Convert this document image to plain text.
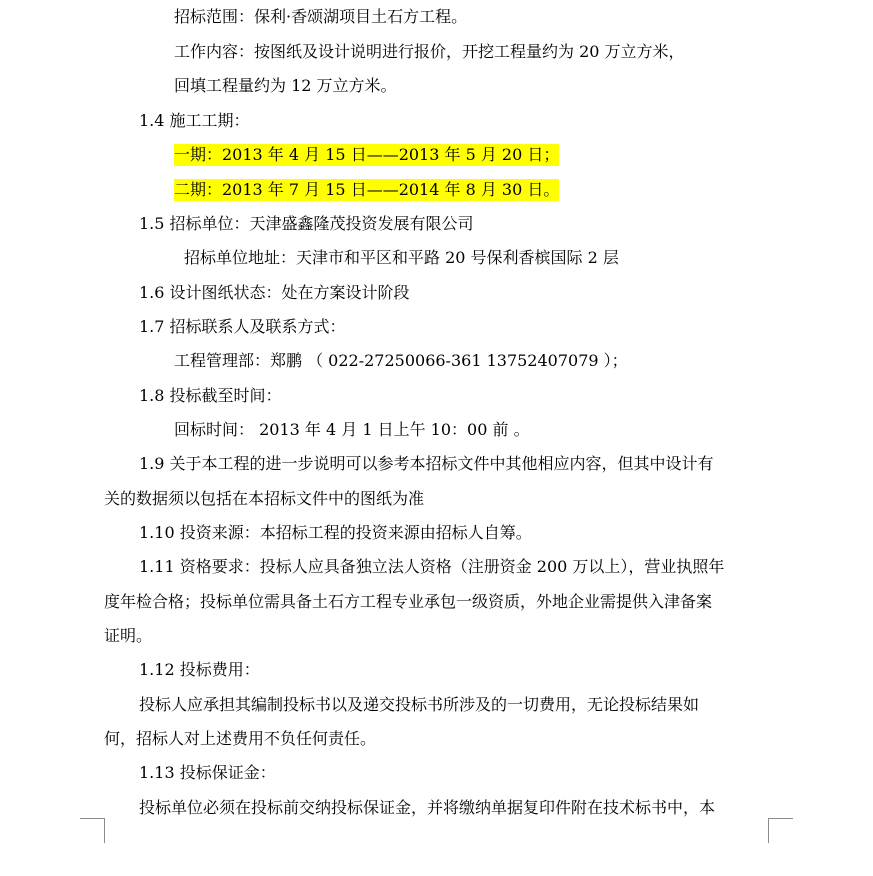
招标范围：保利·香颂湖项目土石方工程。
工作内容：按图纸及设计说明进行报价，开挖工程量约为 20 万立方米，
回填工程量约为 12 万立方米。
1.4 施工工期：
一期：2013 年 4 月 15 日——2013 年 5 月 20 日；
二期：2013 年 7 月 15 日——2014 年 8 月 30 日。
1.5 招标单位：天津盛鑫隆茂投资发展有限公司
招标单位地址：天津市和平区和平路 20 号保利香槟国际 2 层
1.6 设计图纸状态：处在方案设计阶段
1.7 招标联系人及联系方式：
工程管理部：郑鹏 （ 022-27250066-361 13752407079 ）；
1.8 投标截至时间：
回标时间： 2013 年 4 月 1 日上午 10：00 前 。
1.9 关于本工程的进一步说明可以参考本招标文件中其他相应内容，但其中设计有
关的数据须以包括在本招标文件中的图纸为准
1.10 投资来源：本招标工程的投资来源由招标人自筹。
1.11 资格要求：投标人应具备独立法人资格（注册资金 200 万以上），营业执照年
度年检合格；投标单位需具备土石方工程专业承包一级资质，外地企业需提供入津备案
证明。
1.12 投标费用：
投标人应承担其编制投标书以及递交投标书所涉及的一切费用，无论投标结果如
何，招标人对上述费用不负任何责任。
1.13 投标保证金：
投标单位必须在投标前交纳投标保证金，并将缴纳单据复印件附在技术标书中，本
